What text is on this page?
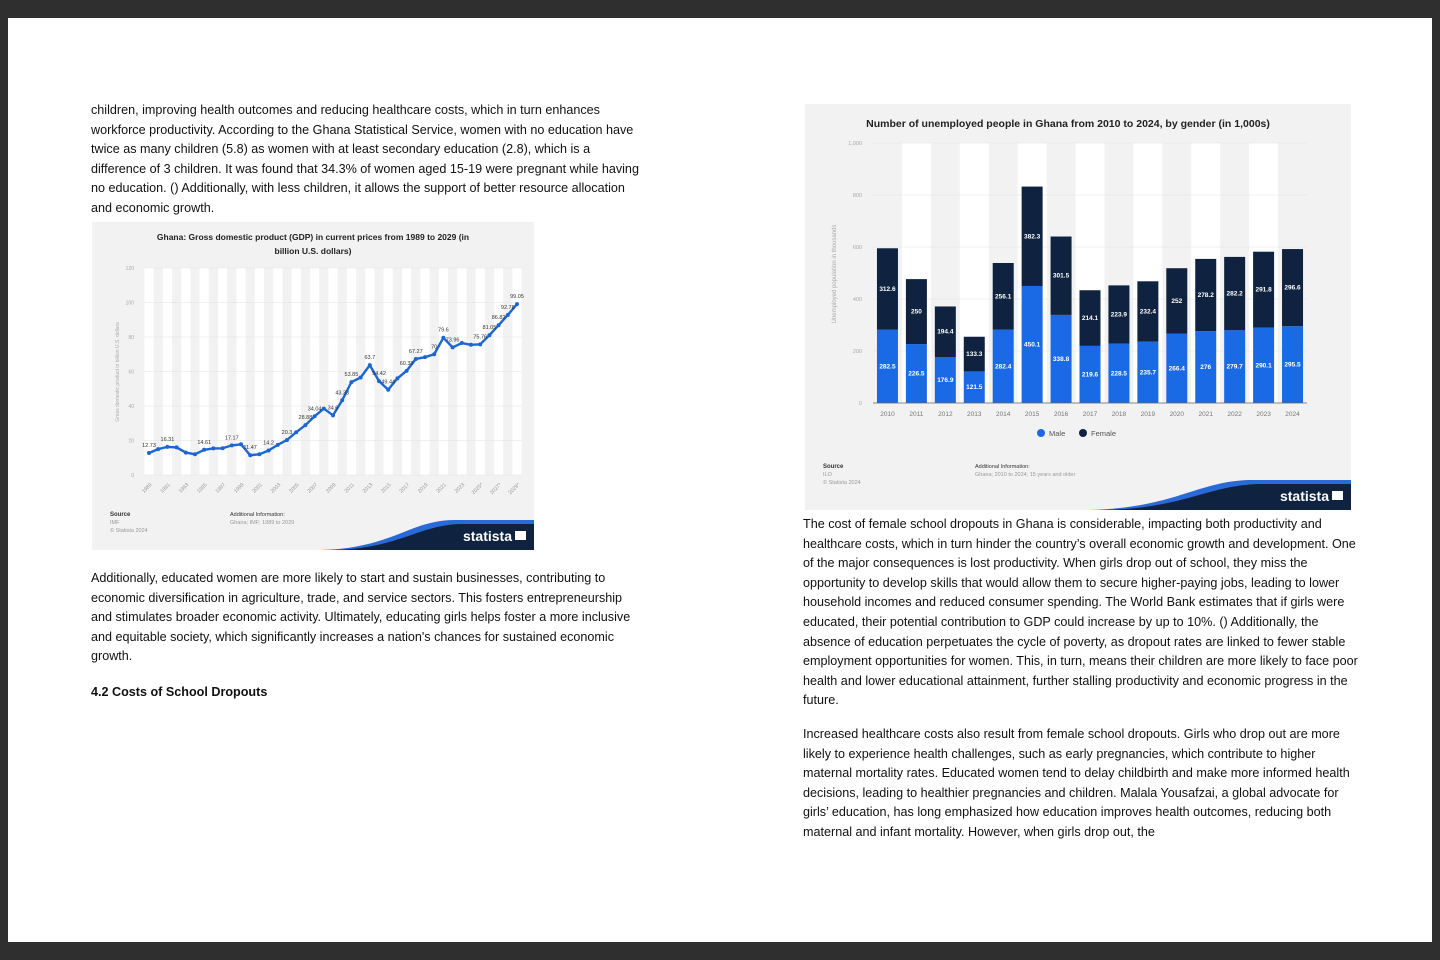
children, improving health outcomes and reducing healthcare costs, which in turn enhances workforce productivity. According to the Ghana Statistical Service, women with no education have twice as many children (5.8) as women with at least secondary education (2.8), which is a difference of 3 children. It was found that 34.3% of women aged 15-19 were pregnant while having no education. () Additionally, with less children, it allows the support of better resource allocation and economic growth.

Ghana: Gross domestic product (GDP) in current prices from 1989 to 2029 (in
billion U.S. dollars)
0
20
40
60
80
100
120
Gross domestic product in billion U.S. dollars
1989 1991 1993 1995 1997 1999 2001 2003 2005 2007 2009 2011 2013 2015 2017 2019 2021 2023 2025* 2027* 2029*
12.73
16.31	14.61
17.17
11.47
14.2
20.3
28.88
34.04 34.6
43.33
53.85
63.7
54.42
49.44
60.38
67.27
70
79.6
73.96
75.76
81.05
86.82
92.78
99.05
Source
IMF
© Statista 2024
Additional Information:
Ghana; IMF; 1989 to 2029
statista

Additionally, educated women are more likely to start and sustain businesses, contributing to economic diversification in agriculture, trade, and service sectors. This fosters entrepreneurship and stimulates broader economic activity. Ultimately, educating girls helps foster a more inclusive and equitable society, which significantly increases a nation's chances for sustained economic growth.

4.2 Costs of School Dropouts

Number of unemployed people in Ghana from 2010 to 2024, by gender (in 1,000s)
0
200
400
600
800
1,000
Unemployed population in thousands
282.5
312.6
2010
226.5
250
2011
176.9
194.4
2012
121.5
133.3
2013
282.4
256.1
2014
450.1
382.3
2015
338.8
301.5
2016
219.6
214.1
2017
228.5
223.9
2018
235.7
232.4
2019
266.4
252
2020
276
278.2
2021
279.7
282.2
2022
290.1
291.8
2023
295.5
296.6
2024
Male	Female
Source
ILO
© Statista 2024
Additional Information:
Ghana; 2010 to 2024; 15 years and older
statista

The cost of female school dropouts in Ghana is considerable, impacting both productivity and healthcare costs, which in turn hinder the country’s overall economic growth and development. One of the major consequences is lost productivity. When girls drop out of school, they miss the opportunity to develop skills that would allow them to secure higher-paying jobs, leading to lower household incomes and reduced consumer spending. The World Bank estimates that if girls were educated, their potential contribution to GDP could increase by up to 10%. () Additionally, the absence of education perpetuates the cycle of poverty, as dropout rates are linked to fewer stable employment opportunities for women. This, in turn, means their children are more likely to face poor health and lower educational attainment, further stalling productivity and economic progress in the future.

Increased healthcare costs also result from female school dropouts. Girls who drop out are more likely to experience health challenges, such as early pregnancies, which contribute to higher maternal mortality rates. Educated women tend to delay childbirth and make more informed health decisions, leading to healthier pregnancies and children. Malala Yousafzai, a global advocate for girls’ education, has long emphasized how education improves health outcomes, reducing both maternal and infant mortality. However, when girls drop out, the
